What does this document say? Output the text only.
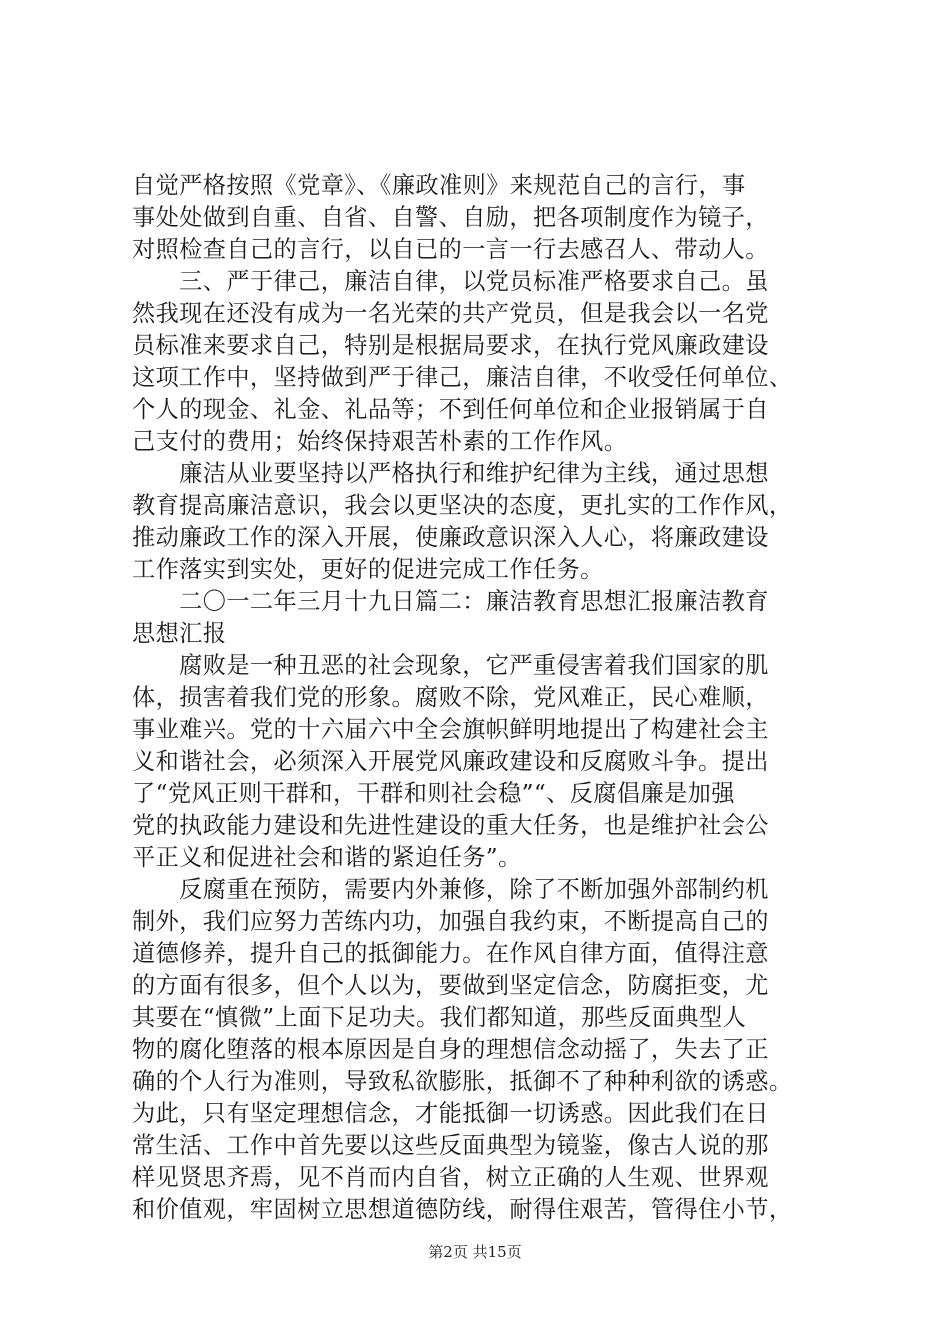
自觉严格按照《党章》、《廉政准则》来规范自己的言行，事
事处处做到自重、自省、自警、自励，把各项制度作为镜子，
对照检查自己的言行，以自已的一言一行去感召人、带动人。
　　三、严于律己，廉洁自律，以党员标准严格要求自己。虽
然我现在还没有成为一名光荣的共产党员，但是我会以一名党
员标准来要求自己，特别是根据局要求，在执行党风廉政建设
这项工作中，坚持做到严于律己，廉洁自律，不收受任何单位、
个人的现金、礼金、礼品等；不到任何单位和企业报销属于自
己支付的费用；始终保持艰苦朴素的工作作风。
　　廉洁从业要坚持以严格执行和维护纪律为主线，通过思想
教育提高廉洁意识，我会以更坚决的态度，更扎实的工作作风，
推动廉政工作的深入开展，使廉政意识深入人心，将廉政建设
工作落实到实处，更好的促进完成工作任务。
　　二〇一二年三月十九日篇二：廉洁教育思想汇报廉洁教育
思想汇报
　　腐败是一种丑恶的社会现象，它严重侵害着我们国家的肌
体，损害着我们党的形象。腐败不除，党风难正，民心难顺，
事业难兴。党的十六届六中全会旗帜鲜明地提出了构建社会主
义和谐社会，必须深入开展党风廉政建设和反腐败斗争。提出
了“党风正则干群和，干群和则社会稳”“、反腐倡廉是加强
党的执政能力建设和先进性建设的重大任务，也是维护社会公
平正义和促进社会和谐的紧迫任务”。
　　反腐重在预防，需要内外兼修，除了不断加强外部制约机
制外，我们应努力苦练内功，加强自我约束，不断提高自己的
道德修养，提升自己的抵御能力。在作风自律方面，值得注意
的方面有很多，但个人以为，要做到坚定信念，防腐拒变，尤
其要在“慎微”上面下足功夫。我们都知道，那些反面典型人
物的腐化堕落的根本原因是自身的理想信念动摇了，失去了正
确的个人行为准则，导致私欲膨胀，抵御不了种种利欲的诱惑。
为此，只有坚定理想信念，才能抵御一切诱惑。因此我们在日
常生活、工作中首先要以这些反面典型为镜鉴，像古人说的那
样见贤思齐焉，见不肖而内自省，树立正确的人生观、世界观
和价值观，牢固树立思想道德防线，耐得住艰苦，管得住小节，
第2页 共15页
